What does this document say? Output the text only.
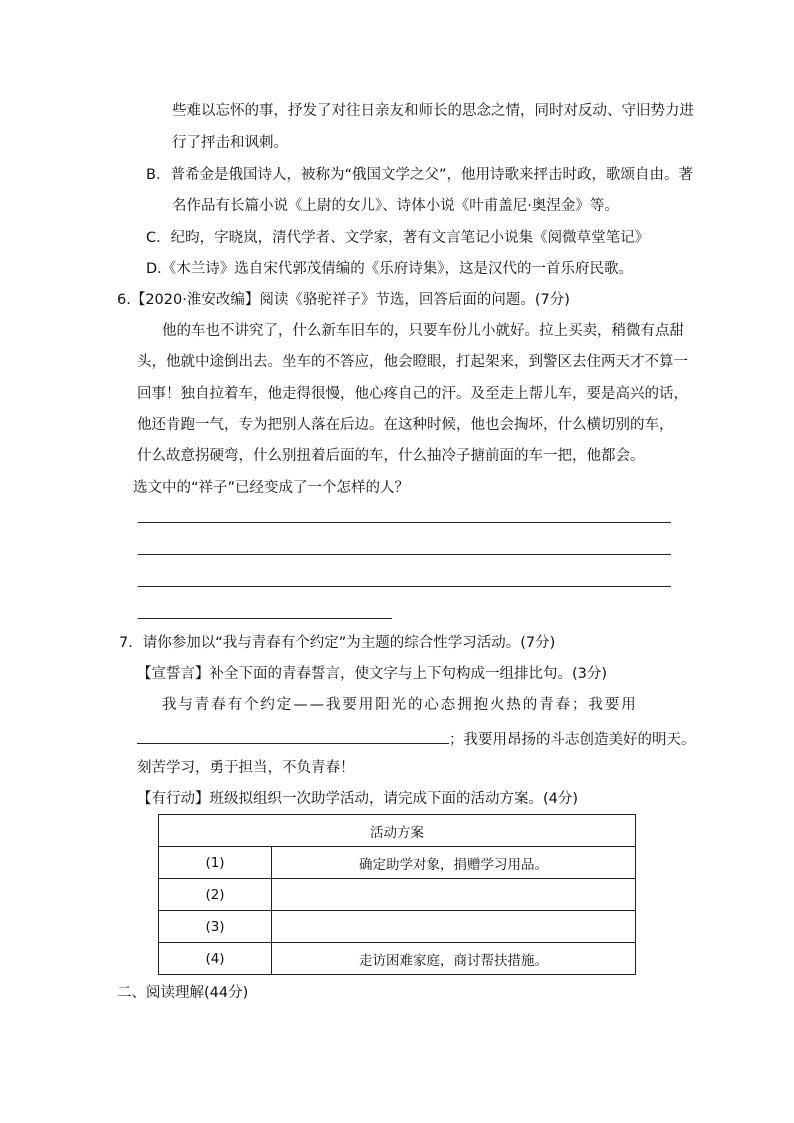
些难以忘怀的事，抒发了对往日亲友和师长的思念之情，同时对反动、守旧势力进
行了抨击和讽刺。
B．普希金是俄国诗人，被称为“俄国文学之父”，他用诗歌来抨击时政，歌颂自由。著
名作品有长篇小说《上尉的女儿》、诗体小说《叶甫盖尼·奥涅金》等。
C．纪昀，字晓岚，清代学者、文学家，著有文言笔记小说集《阅微草堂笔记》
D.《木兰诗》选自宋代郭茂倩编的《乐府诗集》，这是汉代的一首乐府民歌。
6.【2020·淮安改编】阅读《骆驼祥子》节选，回答后面的问题。(7分)
他的车也不讲究了，什么新车旧车的，只要车份儿小就好。拉上买卖，稍微有点甜
头，他就中途倒出去。坐车的不答应，他会瞪眼，打起架来，到警区去住两天才不算一
回事！独自拉着车，他走得很慢，他心疼自己的汗。及至走上帮儿车，要是高兴的话，
他还肯跑一气，专为把别人落在后边。在这种时候，他也会掏坏，什么横切别的车，
什么故意拐硬弯，什么别扭着后面的车，什么抽冷子搪前面的车一把，他都会。
选文中的“祥子”已经变成了一个怎样的人？
7．请你参加以“我与青春有个约定”为主题的综合性学习活动。(7分)
【宣誓言】补全下面的青春誓言，使文字与上下句构成一组排比句。(3分)
我与青春有个约定——我要用阳光的心态拥抱火热的青春；我要用
；我要用昂扬的斗志创造美好的明天。
刻苦学习，勇于担当，不负青春！
【有行动】班级拟组织一次助学活动，请完成下面的活动方案。(4分)
活动方案	
(1)	确定助学对象，捐赠学习用品。
(2)	
(3)	
(4)	走访困难家庭，商讨帮扶措施。
二、阅读理解(44分)
